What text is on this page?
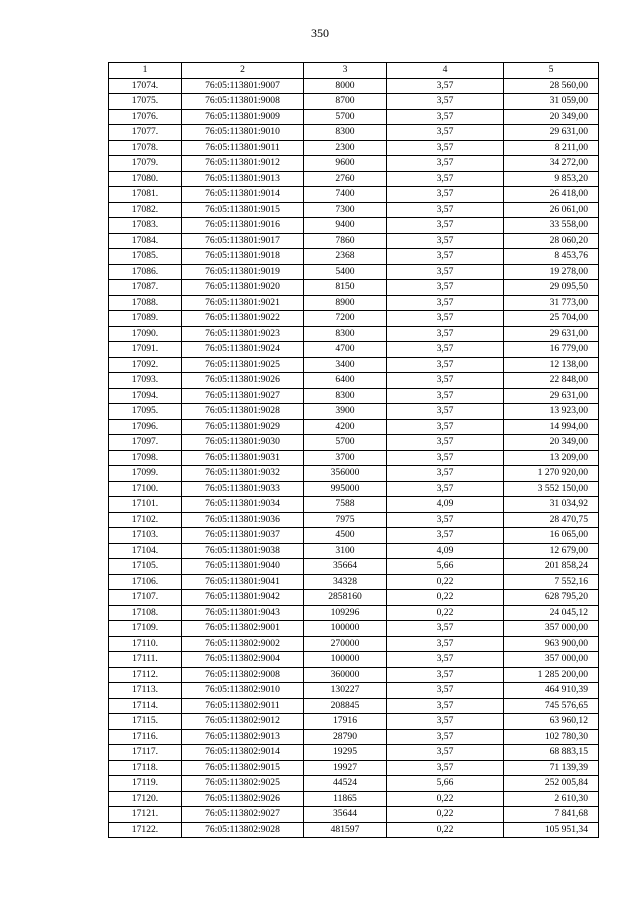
350
1	2	3	4	5
17074.	76:05:113801:9007	8000	3,57	28 560,00
17075.	76:05:113801:9008	8700	3,57	31 059,00
17076.	76:05:113801:9009	5700	3,57	20 349,00
17077.	76:05:113801:9010	8300	3,57	29 631,00
17078.	76:05:113801:9011	2300	3,57	8 211,00
17079.	76:05:113801:9012	9600	3,57	34 272,00
17080.	76:05:113801:9013	2760	3,57	9 853,20
17081.	76:05:113801:9014	7400	3,57	26 418,00
17082.	76:05:113801:9015	7300	3,57	26 061,00
17083.	76:05:113801:9016	9400	3,57	33 558,00
17084.	76:05:113801:9017	7860	3,57	28 060,20
17085.	76:05:113801:9018	2368	3,57	8 453,76
17086.	76:05:113801:9019	5400	3,57	19 278,00
17087.	76:05:113801:9020	8150	3,57	29 095,50
17088.	76:05:113801:9021	8900	3,57	31 773,00
17089.	76:05:113801:9022	7200	3,57	25 704,00
17090.	76:05:113801:9023	8300	3,57	29 631,00
17091.	76:05:113801:9024	4700	3,57	16 779,00
17092.	76:05:113801:9025	3400	3,57	12 138,00
17093.	76:05:113801:9026	6400	3,57	22 848,00
17094.	76:05:113801:9027	8300	3,57	29 631,00
17095.	76:05:113801:9028	3900	3,57	13 923,00
17096.	76:05:113801:9029	4200	3,57	14 994,00
17097.	76:05:113801:9030	5700	3,57	20 349,00
17098.	76:05:113801:9031	3700	3,57	13 209,00
17099.	76:05:113801:9032	356000	3,57	1 270 920,00
17100.	76:05:113801:9033	995000	3,57	3 552 150,00
17101.	76:05:113801:9034	7588	4,09	31 034,92
17102.	76:05:113801:9036	7975	3,57	28 470,75
17103.	76:05:113801:9037	4500	3,57	16 065,00
17104.	76:05:113801:9038	3100	4,09	12 679,00
17105.	76:05:113801:9040	35664	5,66	201 858,24
17106.	76:05:113801:9041	34328	0,22	7 552,16
17107.	76:05:113801:9042	2858160	0,22	628 795,20
17108.	76:05:113801:9043	109296	0,22	24 045,12
17109.	76:05:113802:9001	100000	3,57	357 000,00
17110.	76:05:113802:9002	270000	3,57	963 900,00
17111.	76:05:113802:9004	100000	3,57	357 000,00
17112.	76:05:113802:9008	360000	3,57	1 285 200,00
17113.	76:05:113802:9010	130227	3,57	464 910,39
17114.	76:05:113802:9011	208845	3,57	745 576,65
17115.	76:05:113802:9012	17916	3,57	63 960,12
17116.	76:05:113802:9013	28790	3,57	102 780,30
17117.	76:05:113802:9014	19295	3,57	68 883,15
17118.	76:05:113802:9015	19927	3,57	71 139,39
17119.	76:05:113802:9025	44524	5,66	252 005,84
17120.	76:05:113802:9026	11865	0,22	2 610,30
17121.	76:05:113802:9027	35644	0,22	7 841,68
17122.	76:05:113802:9028	481597	0,22	105 951,34
